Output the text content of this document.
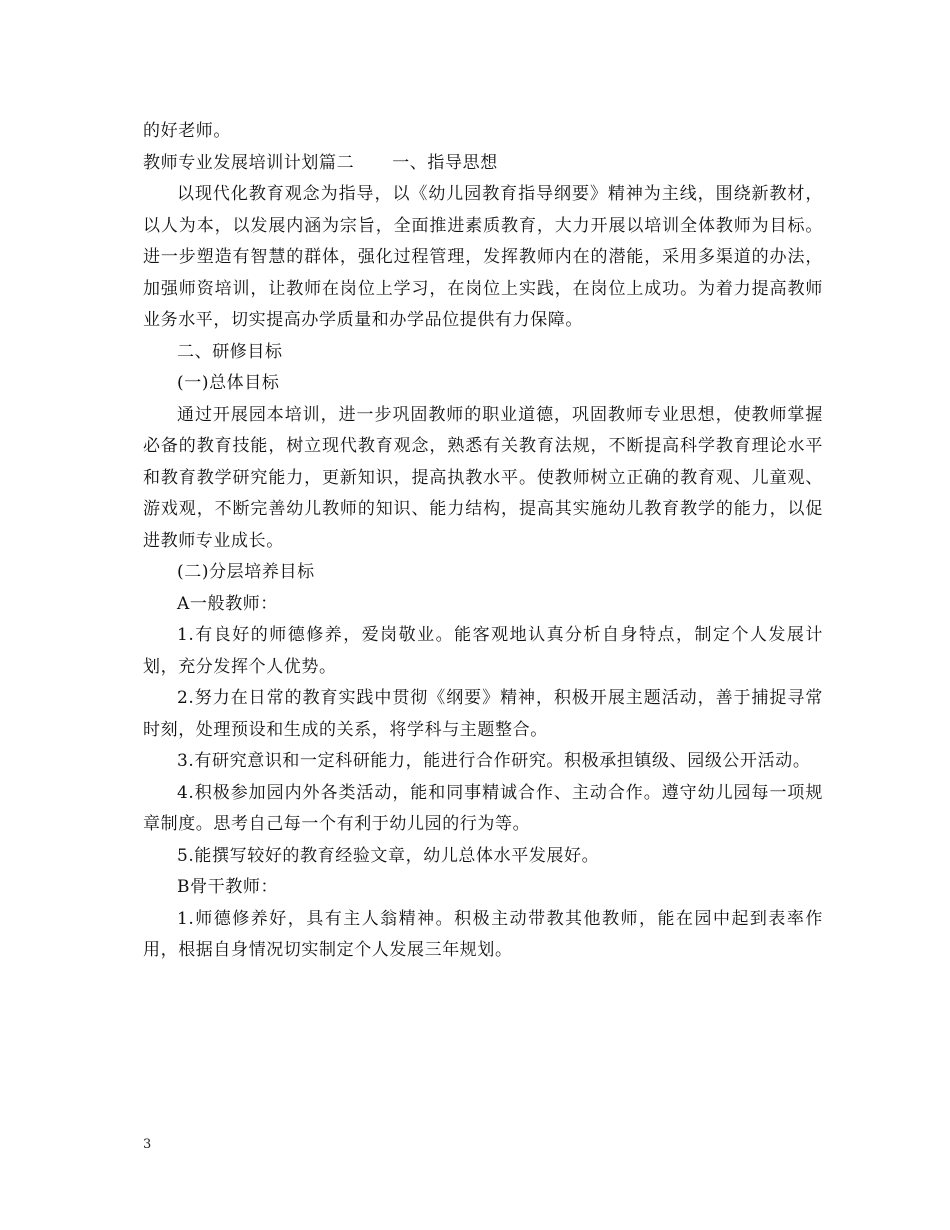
的好老师。

教师专业发展培训计划篇二 一、指导思想

以现代化教育观念为指导，以《幼儿园教育指导纲要》精神为主线，围绕新教材，以人为本，以发展内涵为宗旨，全面推进素质教育，大力开展以培训全体教师为目标。进一步塑造有智慧的群体，强化过程管理，发挥教师内在的潜能，采用多渠道的办法，加强师资培训，让教师在岗位上学习，在岗位上实践，在岗位上成功。为着力提高教师业务水平，切实提高办学质量和办学品位提供有力保障。

二、研修目标

(一)总体目标

通过开展园本培训，进一步巩固教师的职业道德，巩固教师专业思想，使教师掌握必备的教育技能，树立现代教育观念，熟悉有关教育法规，不断提高科学教育理论水平和教育教学研究能力，更新知识，提高执教水平。使教师树立正确的教育观、儿童观、游戏观，不断完善幼儿教师的知识、能力结构，提高其实施幼儿教育教学的能力，以促进教师专业成长。

(二)分层培养目标

A一般教师：

1.有良好的师德修养，爱岗敬业。能客观地认真分析自身特点，制定个人发展计划，充分发挥个人优势。

2.努力在日常的教育实践中贯彻《纲要》精神，积极开展主题活动，善于捕捉寻常时刻，处理预设和生成的关系，将学科与主题整合。

3.有研究意识和一定科研能力，能进行合作研究。积极承担镇级、园级公开活动。

4.积极参加园内外各类活动，能和同事精诚合作、主动合作。遵守幼儿园每一项规章制度。思考自己每一个有利于幼儿园的行为等。

5.能撰写较好的教育经验文章，幼儿总体水平发展好。

B骨干教师：

1.师德修养好，具有主人翁精神。积极主动带教其他教师，能在园中起到表率作用，根据自身情况切实制定个人发展三年规划。

3
